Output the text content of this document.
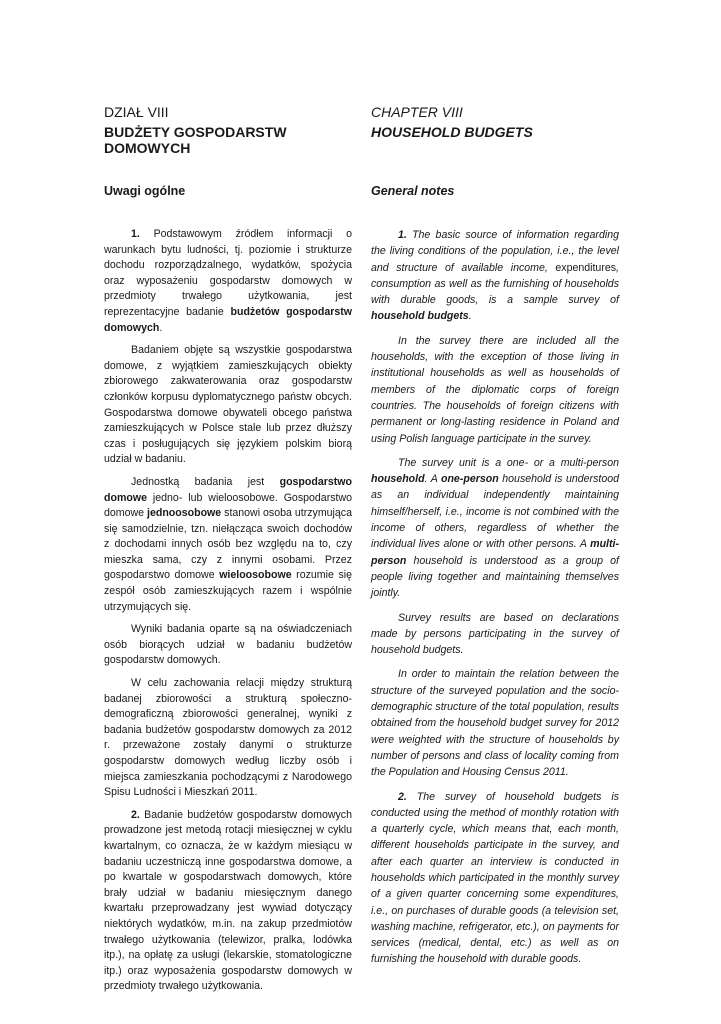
DZIAŁ VIII
BUDŻETY GOSPODARSTW DOMOWYCH
Uwagi ogólne

1. Podstawowym źródłem informacji o warunkach bytu ludności, tj. poziomie i strukturze dochodu rozporządzalnego, wydatków, spożycia oraz wyposażeniu gospodarstw domowych w przedmioty trwałego użytkowania, jest reprezentacyjne badanie budżetów gospodarstw domowych.

Badaniem objęte są wszystkie gospodarstwa domowe, z wyjątkiem zamieszkujących obiekty zbiorowego zakwaterowania oraz gospodarstw członków korpusu dyplomatycznego państw obcych. Gospodarstwa domowe obywateli obcego państwa zamieszkujących w Polsce stale lub przez dłuższy czas i posługujących się językiem polskim biorą udział w badaniu.

Jednostką badania jest gospodarstwo domowe jedno- lub wieloosobowe. Gospodarstwo domowe jednoosobowe stanowi osoba utrzymująca się samodzielnie, tzn. niełącząca swoich dochodów z dochodami innych osób bez względu na to, czy mieszka sama, czy z innymi osobami. Przez gospodarstwo domowe wieloosobowe rozumie się zespół osób zamieszkujących razem i wspólnie utrzymujących się.

Wyniki badania oparte są na oświadczeniach osób biorących udział w badaniu budżetów gospodarstw domowych.

W celu zachowania relacji między strukturą badanej zbiorowości a strukturą społeczno-demograficzną zbiorowości generalnej, wyniki z badania budżetów gospodarstw domowych za 2012 r. przeważone zostały danymi o strukturze gospodarstw domowych według liczby osób i miejsca zamieszkania pochodzącymi z Narodowego Spisu Ludności i Mieszkań 2011.

2. Badanie budżetów gospodarstw domowych prowadzone jest metodą rotacji miesięcznej w cyklu kwartalnym, co oznacza, że w każdym miesiącu w badaniu uczestniczą inne gospodarstwa domowe, a po kwartale w gospodarstwach domowych, które brały udział w badaniu miesięcznym danego kwartału przeprowadzany jest wywiad dotyczący niektórych wydatków, m.in. na zakup przedmiotów trwałego użytkowania (telewizor, pralka, lodówka itp.), na opłatę za usługi (lekarskie, stomatologiczne itp.) oraz wyposażenia gospodarstw domowych w przedmioty trwałego użytkowania.

CHAPTER VIII
HOUSEHOLD BUDGETS
General notes

1. The basic source of information regarding the living conditions of the population, i.e., the level and structure of available income, expenditures, consumption as well as the furnishing of households with durable goods, is a sample survey of household budgets.

In the survey there are included all the households, with the exception of those living in institutional households as well as households of members of the diplomatic corps of foreign countries. The households of foreign citizens with permanent or long-lasting residence in Poland and using Polish language participate in the survey.

The survey unit is a one- or a multi-person household. A one-person household is understood as an individual independently maintaining himself/herself, i.e., income is not combined with the income of others, regardless of whether the individual lives alone or with other persons. A multi-person household is understood as a group of people living together and maintaining themselves jointly.

Survey results are based on declarations made by persons participating in the survey of household budgets.

In order to maintain the relation between the structure of the surveyed population and the socio-demographic structure of the total population, results obtained from the household budget survey for 2012 were weighted with the structure of households by number of persons and class of locality coming from the Population and Housing Census 2011.

2. The survey of household budgets is conducted using the method of monthly rotation with a quarterly cycle, which means that, each month, different households participate in the survey, and after each quarter an interview is conducted in households which participated in the monthly survey of a given quarter concerning some expenditures, i.e., on purchases of durable goods (a television set, washing machine, refrigerator, etc.), on payments for services (medical, dental, etc.) as well as on furnishing the household with durable goods.
